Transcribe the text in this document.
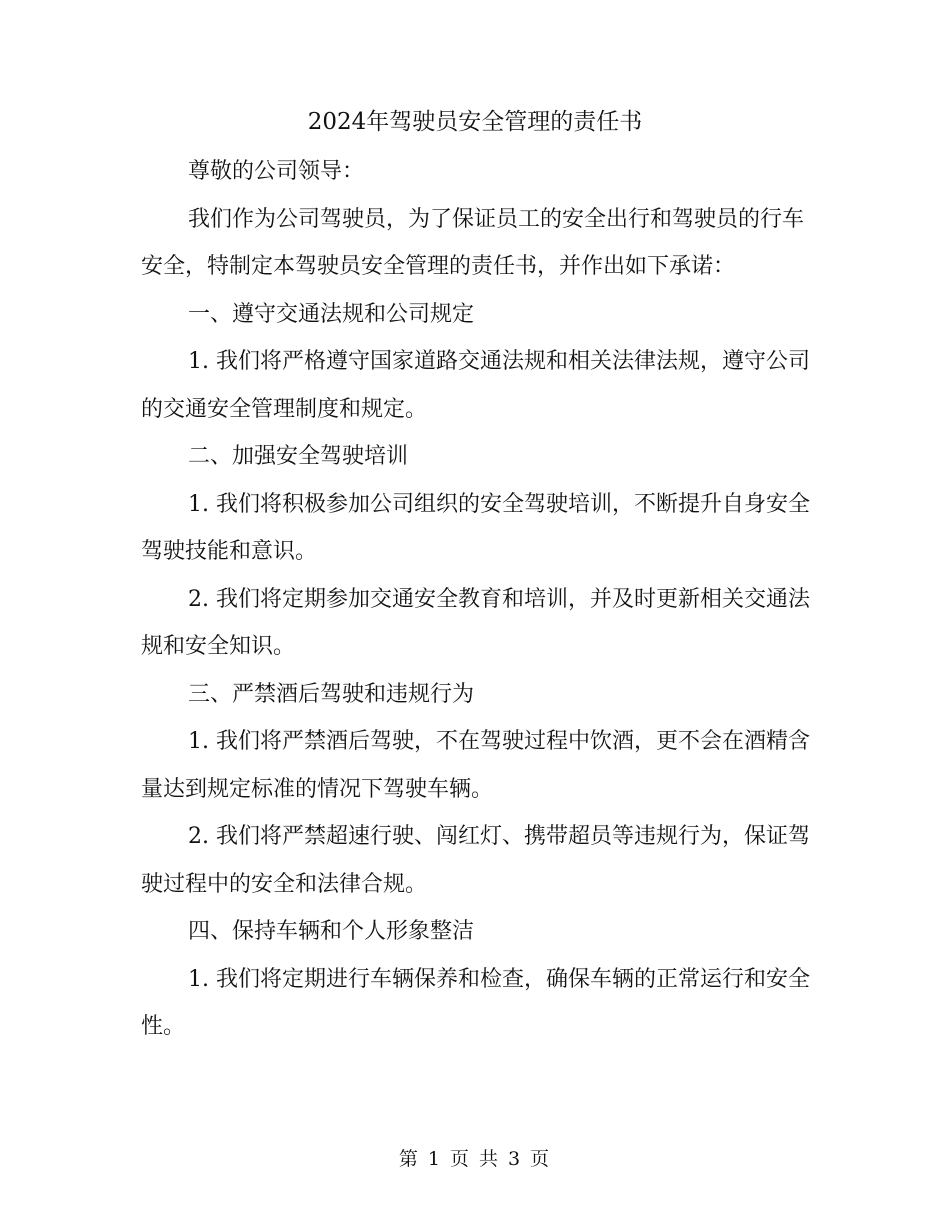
2024年驾驶员安全管理的责任书

尊敬的公司领导：

我们作为公司驾驶员，为了保证员工的安全出行和驾驶员的行车安全，特制定本驾驶员安全管理的责任书，并作出如下承诺：

一、遵守交通法规和公司规定

1. 我们将严格遵守国家道路交通法规和相关法律法规，遵守公司的交通安全管理制度和规定。

二、加强安全驾驶培训

1. 我们将积极参加公司组织的安全驾驶培训，不断提升自身安全驾驶技能和意识。

2. 我们将定期参加交通安全教育和培训，并及时更新相关交通法规和安全知识。

三、严禁酒后驾驶和违规行为

1. 我们将严禁酒后驾驶，不在驾驶过程中饮酒，更不会在酒精含量达到规定标准的情况下驾驶车辆。

2. 我们将严禁超速行驶、闯红灯、携带超员等违规行为，保证驾驶过程中的安全和法律合规。

四、保持车辆和个人形象整洁

1. 我们将定期进行车辆保养和检查，确保车辆的正常运行和安全性。

第 1 页 共 3 页
